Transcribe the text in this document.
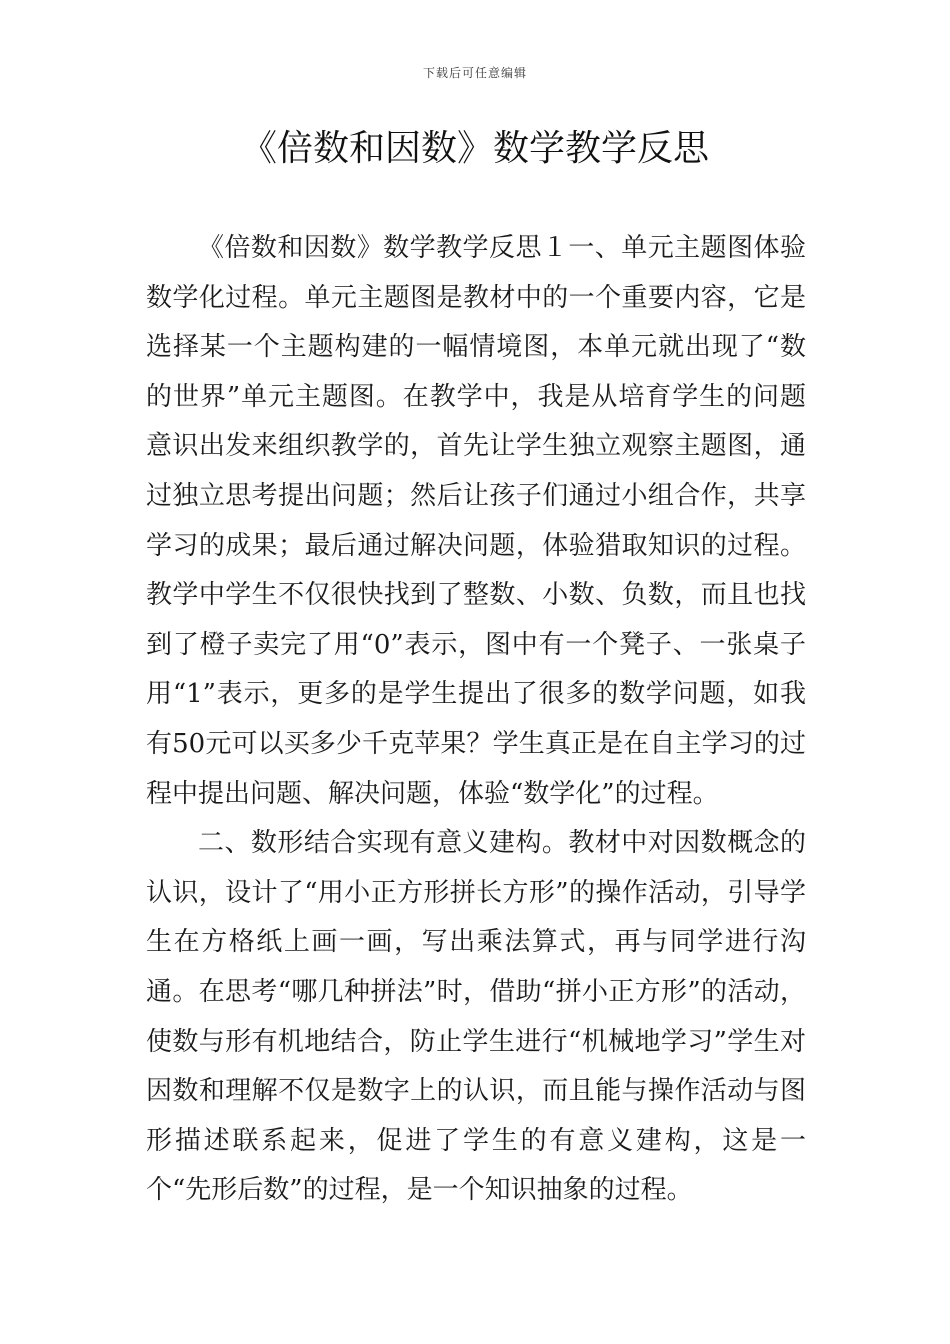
下载后可任意编辑
《倍数和因数》数学教学反思

《倍数和因数》数学教学反思１一、单元主题图体验数学化过程。单元主题图是教材中的一个重要内容，它是选择某一个主题构建的一幅情境图，本单元就出现了“数的世界”单元主题图。在教学中，我是从培育学生的问题意识出发来组织教学的，首先让学生独立观察主题图，通过独立思考提出问题；然后让孩子们通过小组合作，共享学习的成果；最后通过解决问题，体验猎取知识的过程。教学中学生不仅很快找到了整数、小数、负数，而且也找到了橙子卖完了用“0”表示，图中有一个凳子、一张桌子用“1”表示，更多的是学生提出了很多的数学问题，如我有50元可以买多少千克苹果？学生真正是在自主学习的过程中提出问题、解决问题，体验“数学化”的过程。

二、数形结合实现有意义建构。教材中对因数概念的认识，设计了“用小正方形拼长方形”的操作活动，引导学生在方格纸上画一画，写出乘法算式，再与同学进行沟通。在思考“哪几种拼法”时，借助“拼小正方形”的活动，使数与形有机地结合，防止学生进行“机械地学习”学生对因数和理解不仅是数字上的认识，而且能与操作活动与图形描述联系起来，促进了学生的有意义建构，这是一个“先形后数”的过程，是一个知识抽象的过程。
